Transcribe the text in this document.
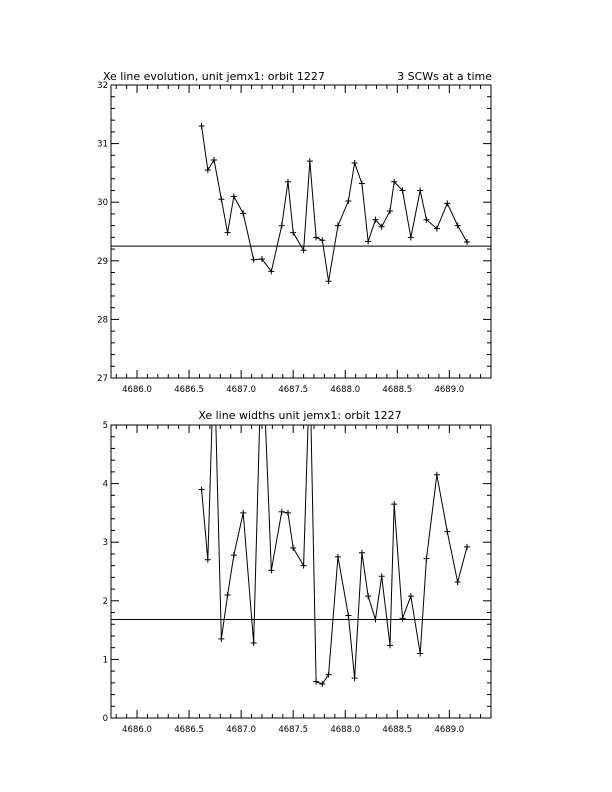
Xe line evolution, unit jemx1: orbit 1227	3 SCWs at a time
4686.0	4686.5	4687.0	4687.5	4688.0	4688.5	4689.0
27
28
29
30
31
32
Xe line widths unit jemx1: orbit 1227
4686.0	4686.5	4687.0	4687.5	4688.0	4688.5	4689.0
0
1
2
3
4
5
